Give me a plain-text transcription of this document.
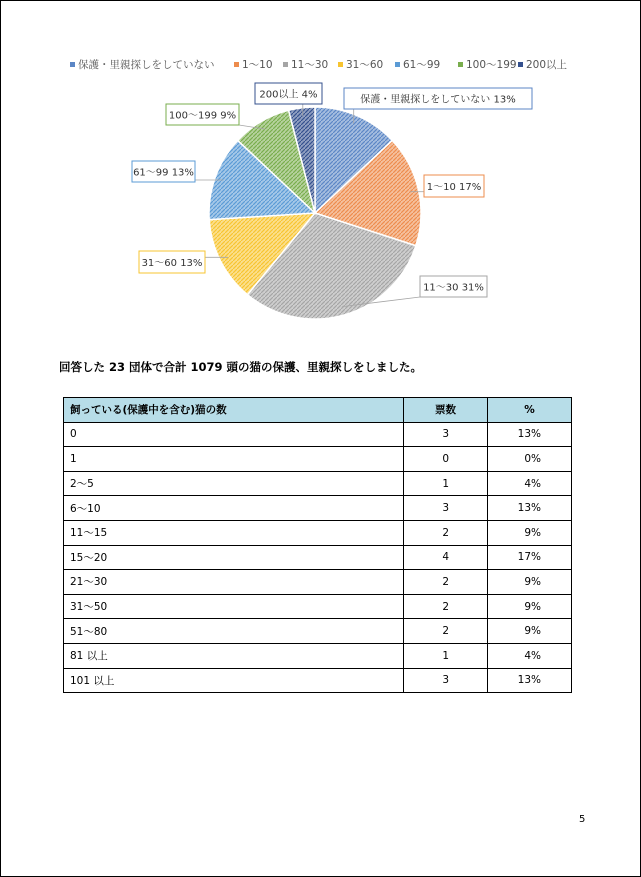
保護・里親探しをしていない	1～10 11～30 31～60 61～99 100～199 200以上
保護・里親探しをしていない 13%
1～10 17%
11～30 31%
31～60 13%
61～99 13%
100～199 9%
200以上 4%

回答した 23 団体で合計 1079 頭の猫の保護、里親探しをしました。

飼っている(保護中を含む)猫の数	票数	%
0	3	13%
1	0	0%
2～5	1	4%
6～10	3	13%
11～15	2	9%
15～20	4	17%
21～30	2	9%
31～50	2	9%
51～80	2	9%
81 以上	1	4%
101 以上	3	13%
5
